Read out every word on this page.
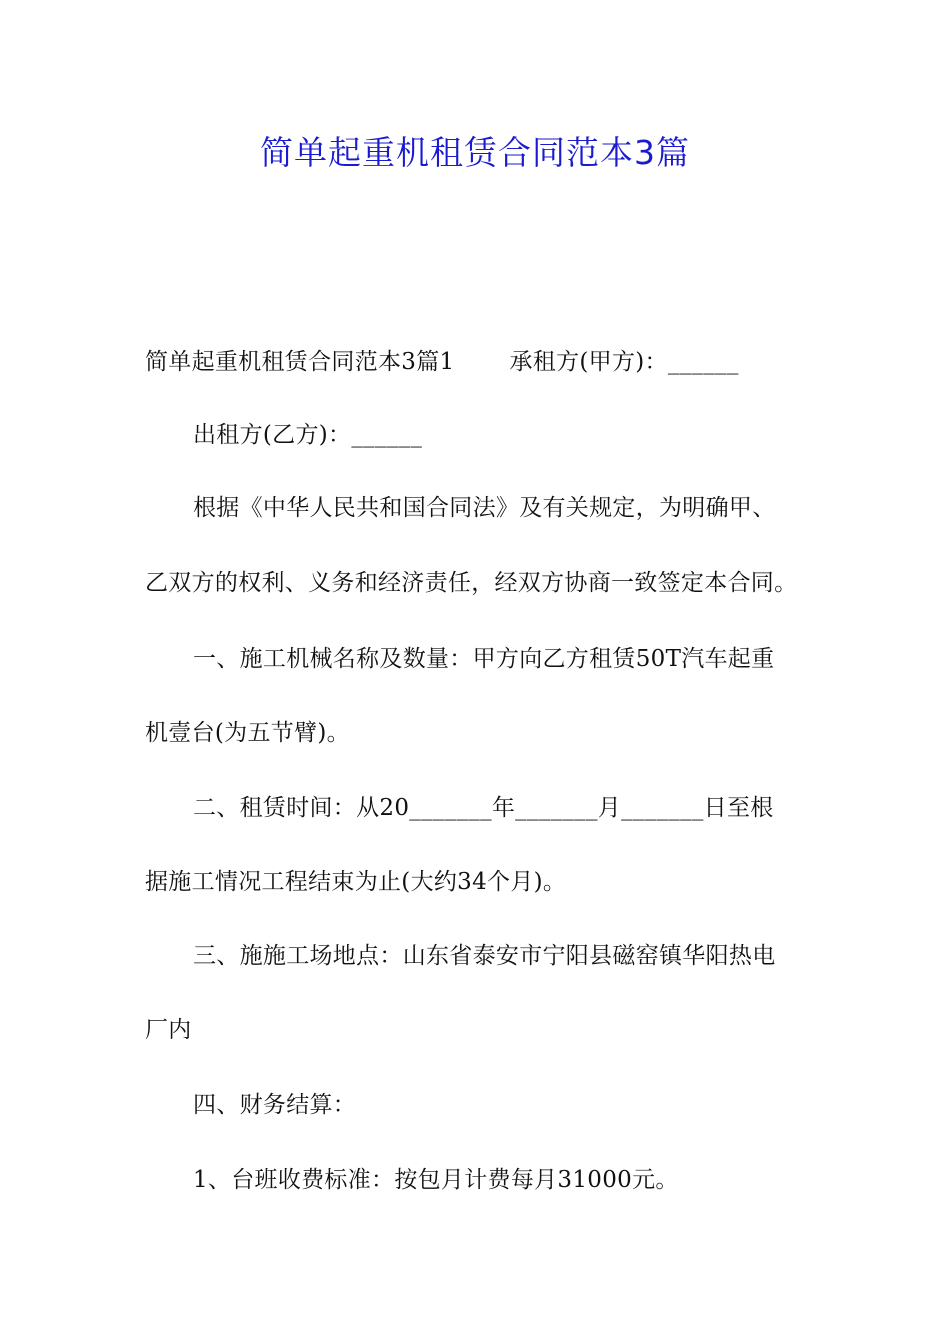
简单起重机租赁合同范本3篇

简单起重机租赁合同范本3篇1 承租方(甲方)：______

出租方(乙方)：______

根据《中华人民共和国合同法》及有关规定，为明确甲、

乙双方的权利、义务和经济责任，经双方协商一致签定本合同。

一、施工机械名称及数量：甲方向乙方租赁50T汽车起重

机壹台(为五节臂)。

二、租赁时间：从20_______年_______月_______日至根

据施工情况工程结束为止(大约34个月)。

三、施施工场地点：山东省泰安市宁阳县磁窑镇华阳热电

厂内

四、财务结算：

1、台班收费标准：按包月计费每月31000元。
